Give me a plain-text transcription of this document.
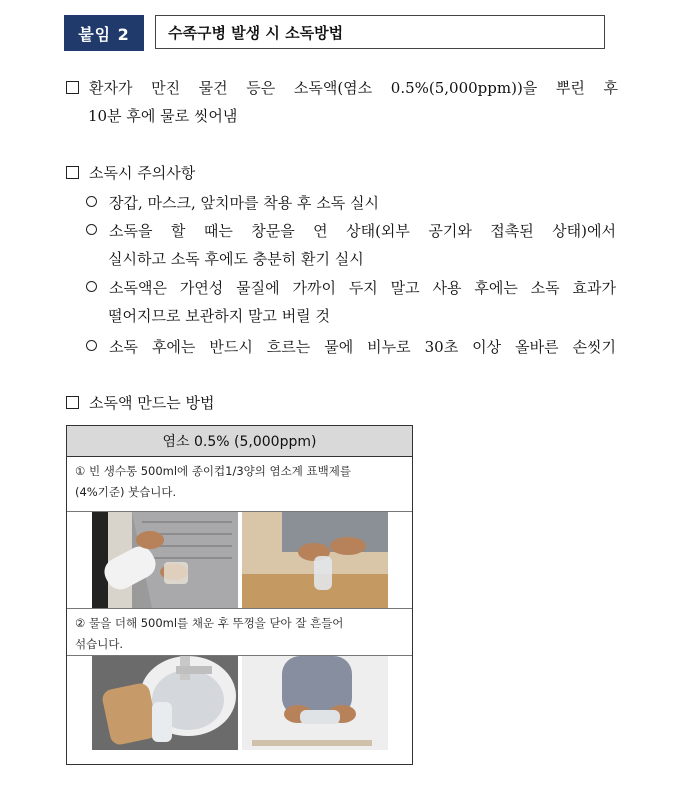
붙임 2	수족구병 발생 시 소독방법
환자가 만진 물건 등은 소독액(염소 0.5%(5,000ppm))을 뿌린 후
10분 후에 물로 씻어냄
소독시 주의사항
장갑, 마스크, 앞치마를 착용 후 소독 실시
소독을 할 때는 창문을 연 상태(외부 공기와 접촉된 상태)에서
실시하고 소독 후에도 충분히 환기 실시
소독액은 가연성 물질에 가까이 두지 말고 사용 후에는 소독 효과가
떨어지므로 보관하지 말고 버릴 것
소독 후에는 반드시 흐르는 물에 비누로 30초 이상 올바른 손씻기
소독액 만드는 방법
염소 0.5% (5,000ppm)
① 빈 생수통 500ml에 종이컵1/3양의 염소계 표백제를
(4%기준) 붓습니다.
② 물을 더해 500ml를 채운 후 뚜껑을 닫아 잘 흔들어
섞습니다.
